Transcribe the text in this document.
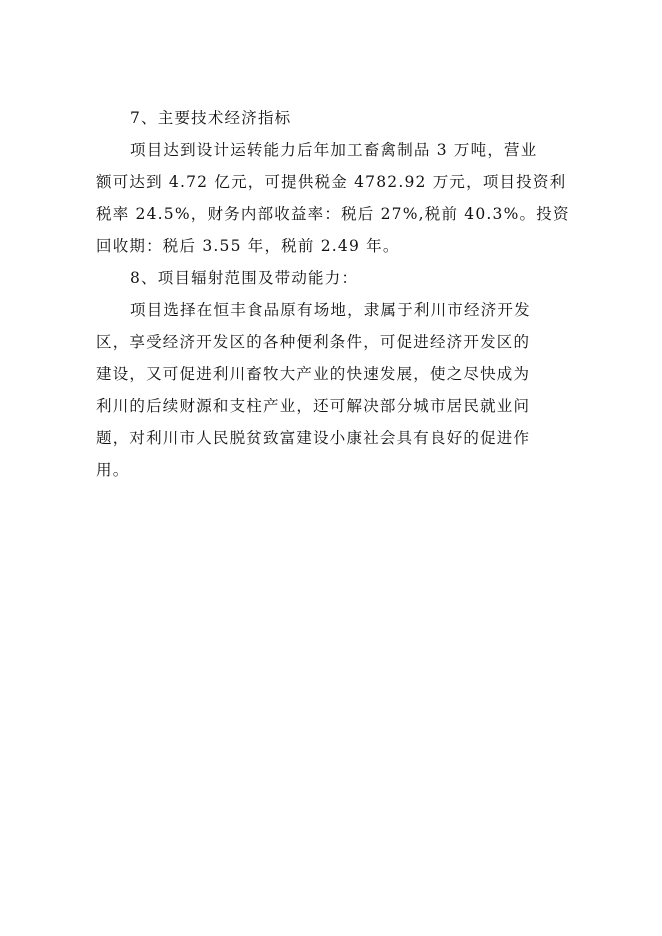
7、主要技术经济指标

项目达到设计运转能力后年加工畜禽制品 3 万吨，营业
额可达到 4.72 亿元，可提供税金 4782.92 万元，项目投资利
税率 24.5%，财务内部收益率：税后 27%,税前 40.3%。投资
回收期：税后 3.55 年，税前 2.49 年。

8、项目辐射范围及带动能力：

项目选择在恒丰食品原有场地，隶属于利川市经济开发
区，享受经济开发区的各种便利条件，可促进经济开发区的
建设，又可促进利川畜牧大产业的快速发展，使之尽快成为
利川的后续财源和支柱产业，还可解决部分城市居民就业问
题，对利川市人民脱贫致富建设小康社会具有良好的促进作
用。
